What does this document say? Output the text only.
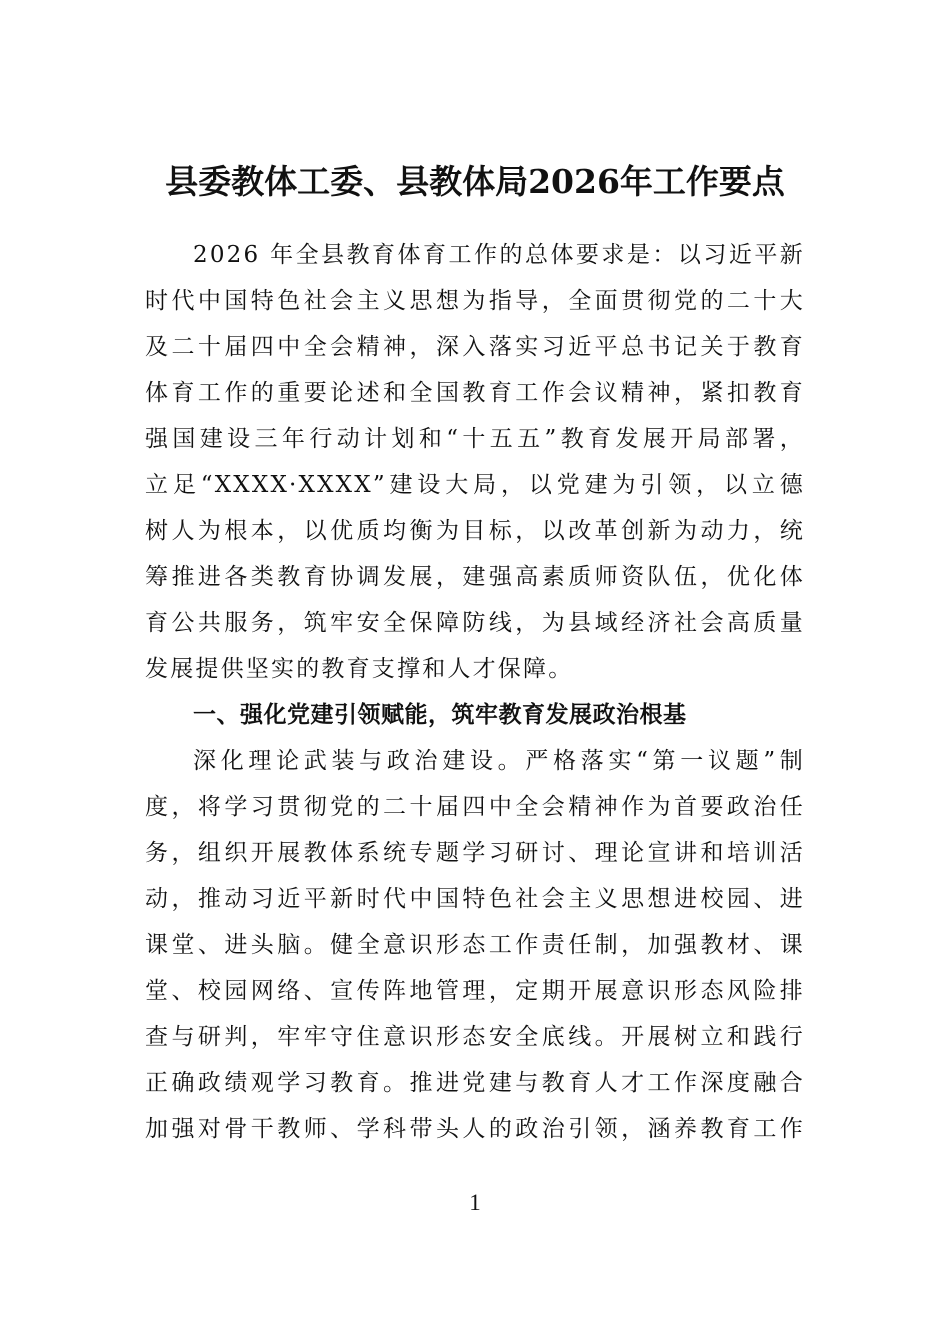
县委教体工委、县教体局2026年工作要点
2026 年全县教育体育工作的总体要求是：以习近平新
时代中国特色社会主义思想为指导，全面贯彻党的二十大
及二十届四中全会精神，深入落实习近平总书记关于教育
体育工作的重要论述和全国教育工作会议精神，紧扣教育
强国建设三年行动计划和“十五五”教育发展开局部署，
立足“XXXX·XXXX”建设大局，以党建为引领，以立德
树人为根本，以优质均衡为目标，以改革创新为动力，统
筹推进各类教育协调发展，建强高素质师资队伍，优化体
育公共服务，筑牢安全保障防线，为县域经济社会高质量
发展提供坚实的教育支撑和人才保障。
一、强化党建引领赋能，筑牢教育发展政治根基
深化理论武装与政治建设。严格落实“第一议题”制
度，将学习贯彻党的二十届四中全会精神作为首要政治任
务，组织开展教体系统专题学习研讨、理论宣讲和培训活
动，推动习近平新时代中国特色社会主义思想进校园、进
课堂、进头脑。健全意识形态工作责任制，加强教材、课
堂、校园网络、宣传阵地管理，定期开展意识形态风险排
查与研判，牢牢守住意识形态安全底线。开展树立和践行
正确政绩观学习教育。推进党建与教育人才工作深度融合
加强对骨干教师、学科带头人的政治引领，涵养教育工作
1
